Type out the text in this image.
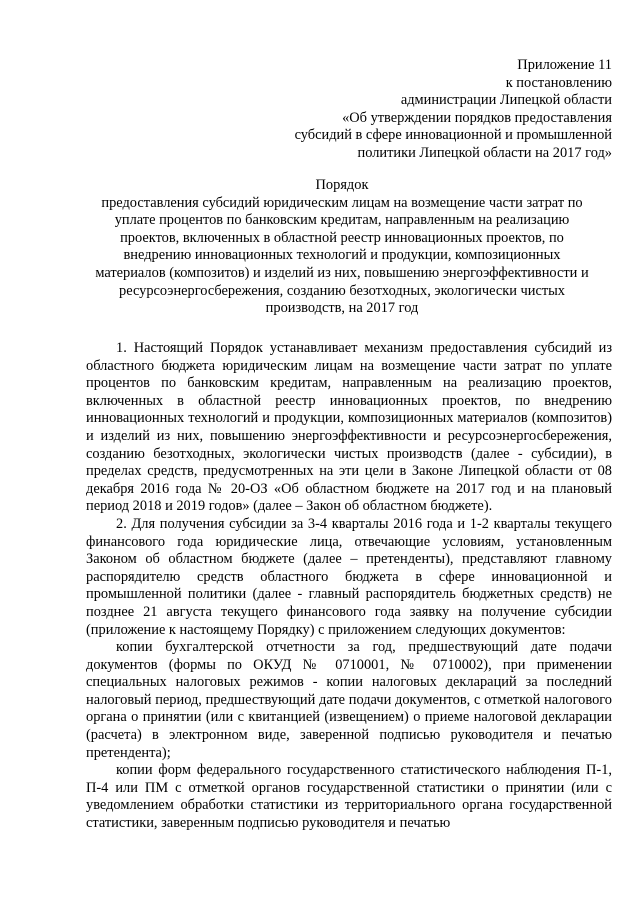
Приложение 11
к постановлению
администрации Липецкой области
«Об утверждении порядков предоставления
субсидий в сфере инновационной и промышленной
политики Липецкой области на 2017 год»
Порядок
предоставления субсидий юридическим лицам на возмещение части затрат по
уплате процентов по банковским кредитам, направленным на реализацию
проектов, включенных в областной реестр инновационных проектов, по
внедрению инновационных технологий и продукции, композиционных
материалов (композитов) и изделий из них, повышению энергоэффективности и
ресурсоэнергосбережения, созданию безотходных, экологически чистых
производств, на 2017 год

1. Настоящий Порядок устанавливает механизм предоставления субсидий из областного бюджета юридическим лицам на возмещение части затрат по уплате процентов по банковским кредитам, направленным на реализацию проектов, включенных в областной реестр инновационных проектов, по внедрению инновационных технологий и продукции, композиционных материалов (композитов) и изделий из них, повышению энергоэффективности и ресурсоэнергосбережения, созданию безотходных, экологически чистых производств (далее - субсидии), в пределах средств, предусмотренных на эти цели в Законе Липецкой области от 08 декабря 2016 года № 20-ОЗ «Об областном бюджете на 2017 год и на плановый период 2018 и 2019 годов» (далее – Закон об областном бюджете).

2. Для получения субсидии за 3-4 кварталы 2016 года и 1-2 кварталы текущего финансового года юридические лица, отвечающие условиям, установленным Законом об областном бюджете (далее – претенденты), представляют главному распорядителю средств областного бюджета в сфере инновационной и промышленной политики (далее - главный распорядитель бюджетных средств) не позднее 21 августа текущего финансового года заявку на получение субсидии (приложение к настоящему Порядку) с приложением следующих документов:

копии бухгалтерской отчетности за год, предшествующий дате подачи документов (формы по ОКУД № 0710001, № 0710002), при применении специальных налоговых режимов - копии налоговых деклараций за последний налоговый период, предшествующий дате подачи документов, с отметкой налогового органа о принятии (или с квитанцией (извещением) о приеме налоговой декларации (расчета) в электронном виде, заверенной подписью руководителя и печатью претендента);

копии форм федерального государственного статистического наблюдения П-1, П-4 или ПМ с отметкой органов государственной статистики о принятии (или с уведомлением обработки статистики из территориального органа государственной статистики, заверенным подписью руководителя и печатью
